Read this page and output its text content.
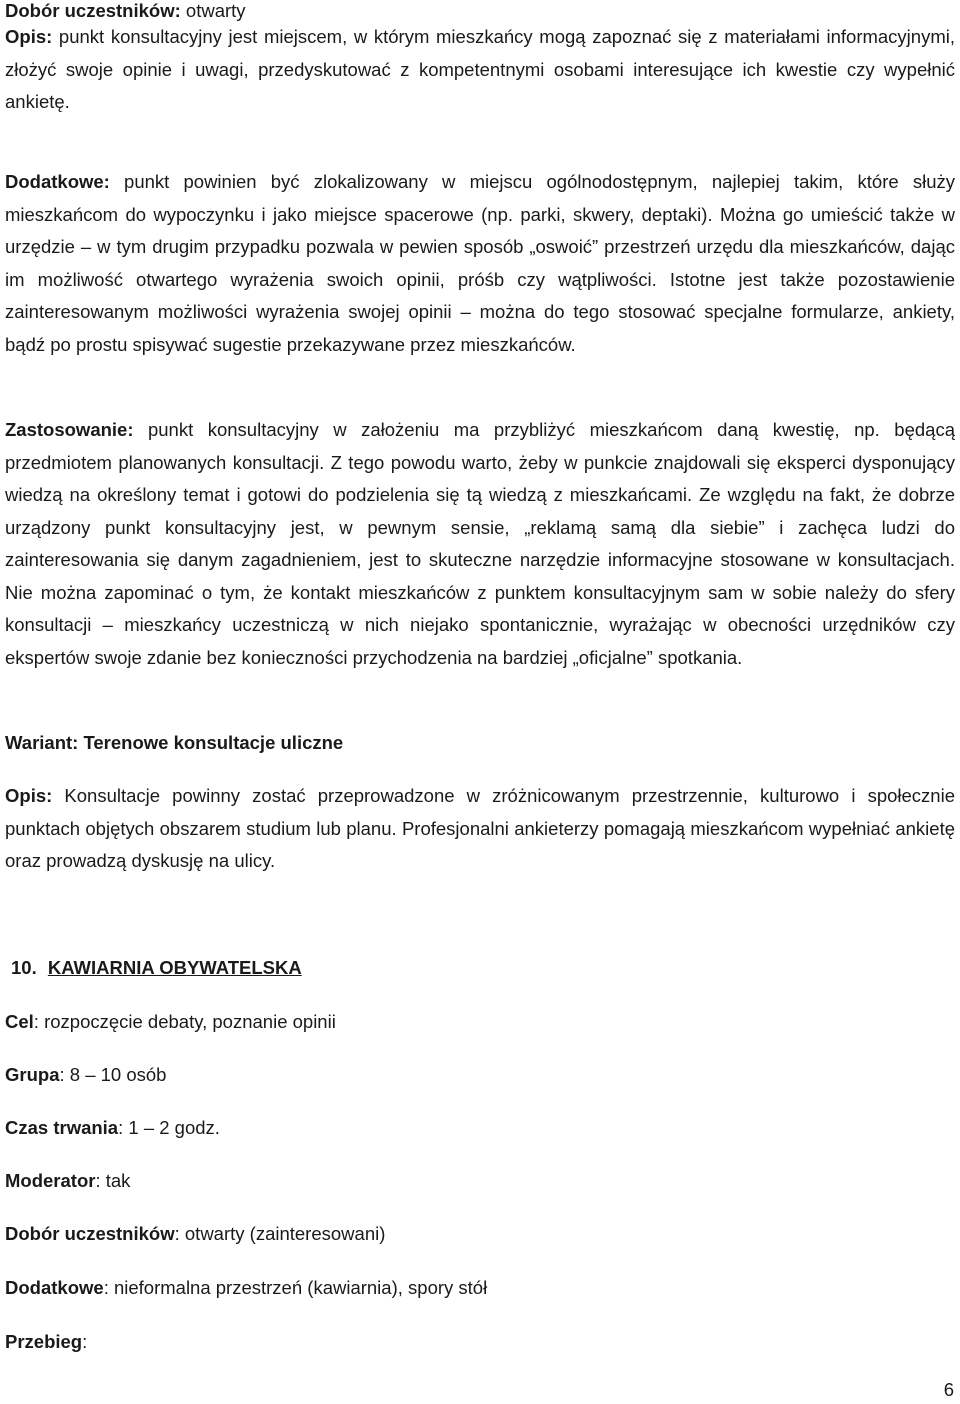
Dobór uczestników: otwarty

Opis: punkt konsultacyjny jest miejscem, w którym mieszkańcy mogą zapoznać się z materiałami informacyjnymi, złożyć swoje opinie i uwagi, przedyskutować z kompetentnymi osobami interesujące ich kwestie czy wypełnić ankietę.

Dodatkowe: punkt powinien być zlokalizowany w miejscu ogólnodostępnym, najlepiej takim, które służy mieszkańcom do wypoczynku i jako miejsce spacerowe (np. parki, skwery, deptaki). Można go umieścić także w urzędzie – w tym drugim przypadku pozwala w pewien sposób „oswoić” przestrzeń urzędu dla mieszkańców, dając im możliwość otwartego wyrażenia swoich opinii, próśb czy wątpliwości. Istotne jest także pozostawienie zainteresowanym możliwości wyrażenia swojej opinii – można do tego stosować specjalne formularze, ankiety, bądź po prostu spisywać sugestie przekazywane przez mieszkańców.

Zastosowanie: punkt konsultacyjny w założeniu ma przybliżyć mieszkańcom daną kwestię, np. będącą przedmiotem planowanych konsultacji. Z tego powodu warto, żeby w punkcie znajdowali się eksperci dysponujący wiedzą na określony temat i gotowi do podzielenia się tą wiedzą z mieszkańcami. Ze względu na fakt, że dobrze urządzony punkt konsultacyjny jest, w pewnym sensie, „reklamą samą dla siebie” i zachęca ludzi do zainteresowania się danym zagadnieniem, jest to skuteczne narzędzie informacyjne stosowane w konsultacjach. Nie można zapominać o tym, że kontakt mieszkańców z punktem konsultacyjnym sam w sobie należy do sfery konsultacji – mieszkańcy uczestniczą w nich niejako spontanicznie, wyrażając w obecności urzędników czy ekspertów swoje zdanie bez konieczności przychodzenia na bardziej „oficjalne” spotkania.

Wariant: Terenowe konsultacje uliczne

Opis: Konsultacje powinny zostać przeprowadzone w zróżnicowanym przestrzennie, kulturowo i społecznie punktach objętych obszarem studium lub planu. Profesjonalni ankieterzy pomagają mieszkańcom wypełniać ankietę oraz prowadzą dyskusję na ulicy.

10. KAWIARNIA OBYWATELSKA

Cel: rozpoczęcie debaty, poznanie opinii

Grupa: 8 – 10 osób

Czas trwania: 1 – 2 godz.

Moderator: tak

Dobór uczestników: otwarty (zainteresowani)

Dodatkowe: nieformalna przestrzeń (kawiarnia), spory stół

Przebieg:

6
